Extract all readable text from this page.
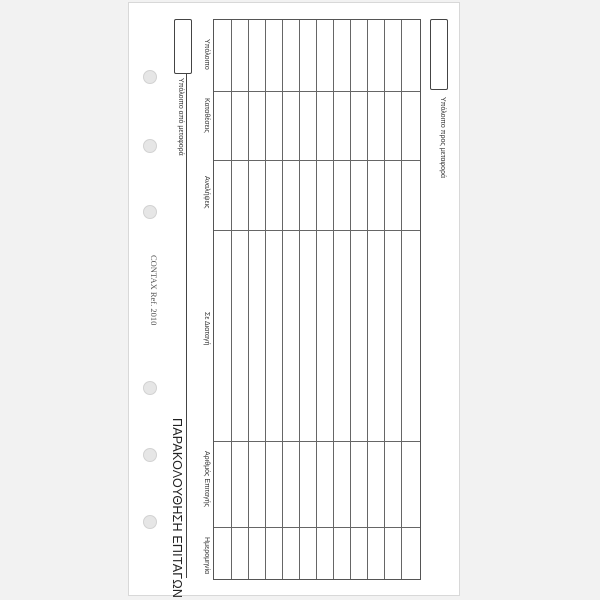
CONTAX Ref. 2010
ΠΑΡΑΚΟΛΟΥΘΗΣΗ ΕΠΙΤΑΓΩΝ
Υπόλοιπο από μεταφορά
Ημερομηνία
Αριθμός Επιταγής
Σε Διαταγή
Αναλήψεις
Καταθέσεις
Υπόλοιπο
Υπόλοιπο προς μεταφορά
